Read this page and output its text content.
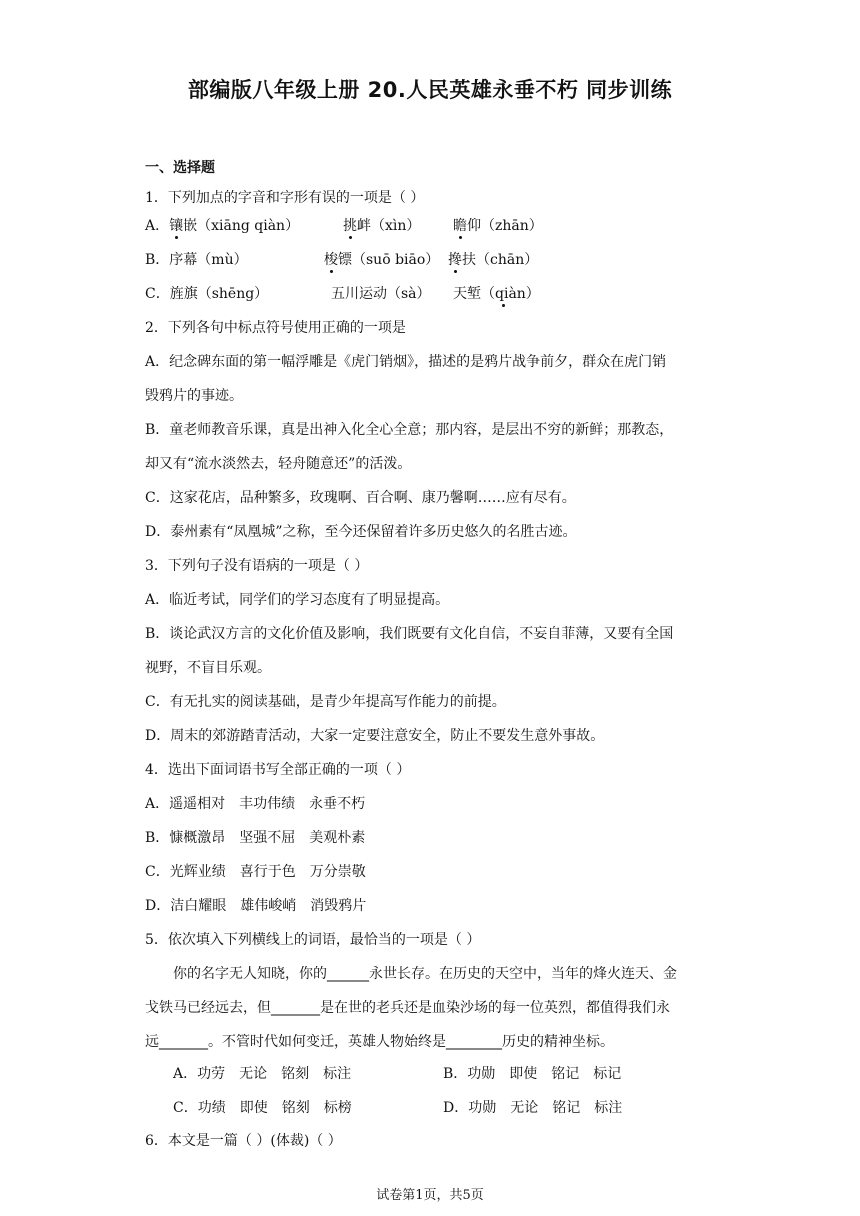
部编版八年级上册 20.人民英雄永垂不朽 同步训练
一、选择题
1．下列加点的字音和字形有误的一项是（ ）
A．镶嵌（xiāng qiàn）	挑衅（xìn） 瞻仰（zhān）
B．序幕（mù）	梭镖（suō biāo） 搀扶（chān）
C．旌旗（shēng）	五川运动（sà） 天堑（qiàn）
2．下列各句中标点符号使用正确的一项是
A．纪念碑东面的第一幅浮雕是《虎门销烟》，描述的是鸦片战争前夕，群众在虎门销
毁鸦片的事迹。
B．童老师教音乐课，真是出神入化全心全意；那内容，是层出不穷的新鲜；那教态，
却又有“流水淡然去，轻舟随意还”的活泼。
C．这家花店，品种繁多，玫瑰啊、百合啊、康乃馨啊……应有尽有。
D．泰州素有“凤凰城”之称，至今还保留着许多历史悠久的名胜古迹。
3．下列句子没有语病的一项是（ ）
A．临近考试，同学们的学习态度有了明显提高。
B．谈论武汉方言的文化价值及影响，我们既要有文化自信，不妄自菲薄，又要有全国
视野，不盲目乐观。
C．有无扎实的阅读基础，是青少年提高写作能力的前提。
D．周末的郊游踏青活动，大家一定要注意安全，防止不要发生意外事故。
4．选出下面词语书写全部正确的一项（ ）
A．遥遥相对　丰功伟绩　永垂不朽
B．慷概激昂　坚强不屈　美观朴素
C．光辉业绩　喜行于色　万分崇敬
D．洁白耀眼　雄伟峻峭　消毁鸦片
5．依次填入下列横线上的词语，最恰当的一项是（ ）
　　你的名字无人知晓，你的______永世长存。在历史的天空中，当年的烽火连天、金
戈铁马已经远去，但_______是在世的老兵还是血染沙场的每一位英烈，都值得我们永
远_______。不管时代如何变迁，英雄人物始终是________历史的精神坐标。
A．功劳　无论　铭刻　标注	B．功勋　即使　铭记　标记
C．功绩　即使　铭刻　标榜	D．功勋　无论　铭记　标注
6．本文是一篇（ ）(体裁)（ ）
试卷第1页，共5页
